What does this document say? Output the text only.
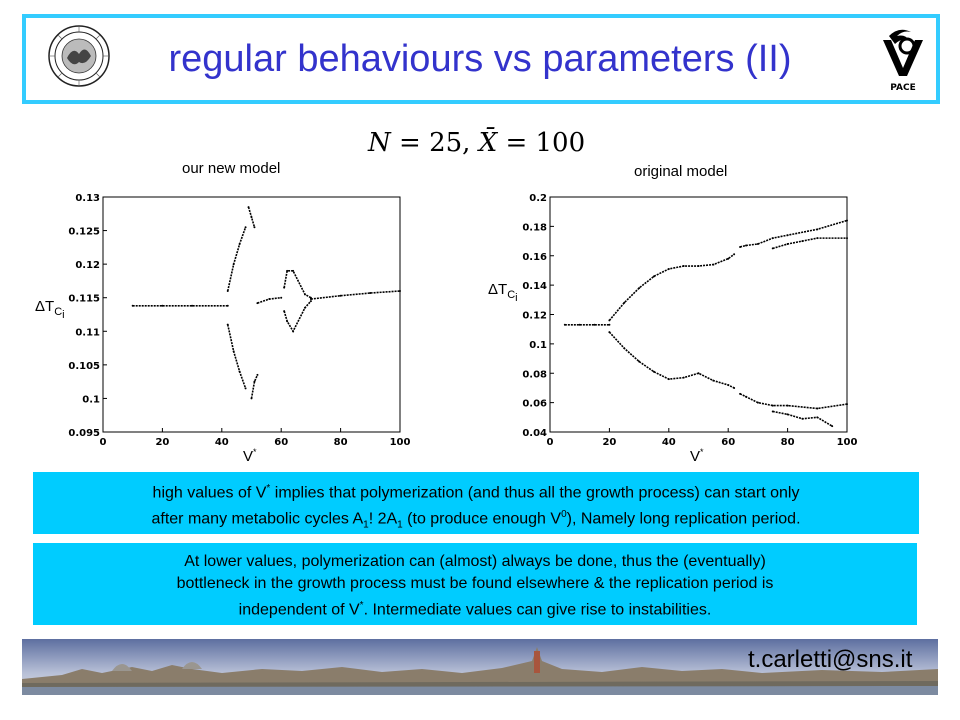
regular behaviours vs parameters (II)
PACE
N = 25, X̄ = 100
our new model	original model
0	20	40	60	80	100
0.095
0.1
0.105
0.11
0.115
0.12
0.125
0.13
0	20	40	60	80	100
0.04
0.06
0.08
0.1
0.12
0.14
0.16
0.18
0.2
$\Delta T_{C_i}$
$\Delta T_{C_i}$
V*	V*
high values of V* implies that polymerization (and thus all the growth process) can start only
after many metabolic cycles $A_1$! $2A_1$ (to produce enough $V^0$), Namely long replication period.
At lower values, polymerization can (almost) always be done, thus the (eventually)
bottleneck in the growth process must be found elsewhere & the replication period is
independent of V*. Intermediate values can give rise to instabilities.
t.carletti@sns.it
